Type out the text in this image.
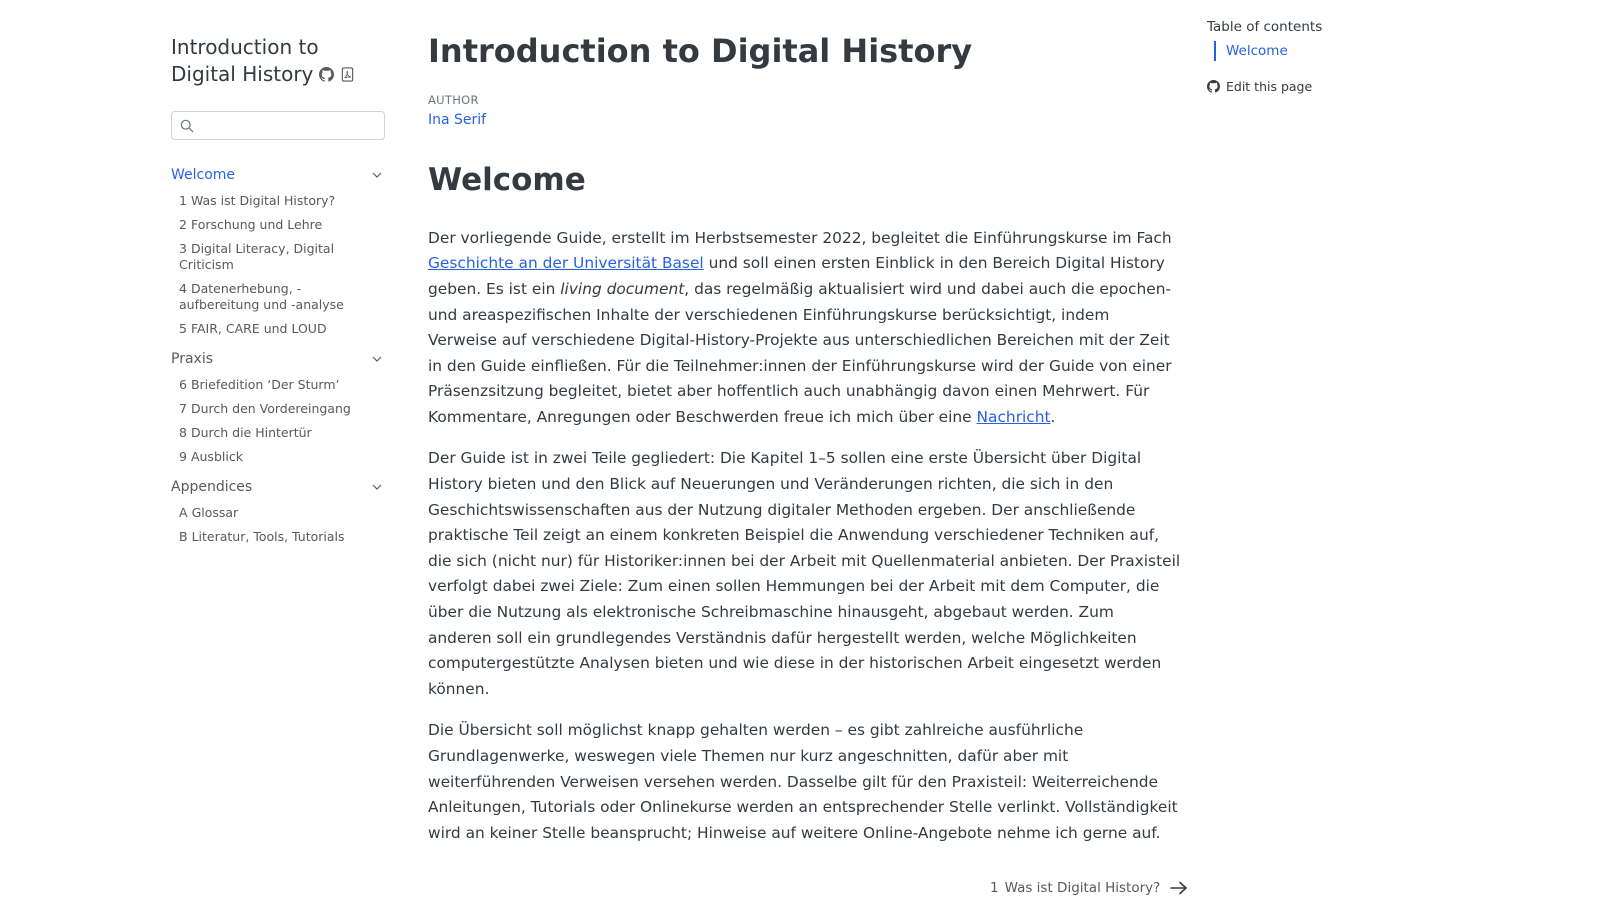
Introduction to Digital History
Welcome
1 Was ist Digital History?
2 Forschung und Lehre
3 Digital Literacy, Digital Criticism
4 Datenerhebung, -aufbereitung und -analyse
5 FAIR, CARE und LOUD
Praxis
6 Briefedition ‘Der Sturm’
7 Durch den Vordereingang
8 Durch die Hintertür
9 Ausblick
Appendices
A Glossar
B Literatur, Tools, Tutorials
Introduction to Digital History
AUTHOR
Ina Serif
Welcome

Der vorliegende Guide, erstellt im Herbstsemester 2022, begleitet die Einführungskurse im Fach Geschichte an der Universität Basel und soll einen ersten Einblick in den Bereich Digital History geben. Es ist ein living document, das regelmäßig aktualisiert wird und dabei auch die epochen- und areaspezifischen Inhalte der verschiedenen Einführungskurse berücksichtigt, indem Verweise auf verschiedene Digital-History-Projekte aus unterschiedlichen Bereichen mit der Zeit in den Guide einfließen. Für die Teilnehmer:innen der Einführungskurse wird der Guide von einer Präsenzsitzung begleitet, bietet aber hoffentlich auch unabhängig davon einen Mehrwert. Für Kommentare, Anregungen oder Beschwerden freue ich mich über eine Nachricht.

Der Guide ist in zwei Teile gegliedert: Die Kapitel 1–5 sollen eine erste Übersicht über Digital History bieten und den Blick auf Neuerungen und Veränderungen richten, die sich in den Geschichtswissenschaften aus der Nutzung digitaler Methoden ergeben. Der anschließende praktische Teil zeigt an einem konkreten Beispiel die Anwendung verschiedener Techniken auf, die sich (nicht nur) für Historiker:innen bei der Arbeit mit Quellenmaterial anbieten. Der Praxisteil verfolgt dabei zwei Ziele: Zum einen sollen Hemmungen bei der Arbeit mit dem Computer, die über die Nutzung als elektronische Schreibmaschine hinausgeht, abgebaut werden. Zum anderen soll ein grundlegendes Verständnis dafür hergestellt werden, welche Möglichkeiten computergestützte Analysen bieten und wie diese in der historischen Arbeit eingesetzt werden können.

Die Übersicht soll möglichst knapp gehalten werden – es gibt zahlreiche ausführliche Grundlagenwerke, weswegen viele Themen nur kurz angeschnitten, dafür aber mit weiterführenden Verweisen versehen werden. Dasselbe gilt für den Praxisteil: Weiterreichende Anleitungen, Tutorials oder Onlinekurse werden an entsprechender Stelle verlinkt. Vollständigkeit wird an keiner Stelle beansprucht; Hinweise auf weitere Online-Angebote nehme ich gerne auf.

1 Was ist Digital History?
Table of contents
Welcome
Edit this page
